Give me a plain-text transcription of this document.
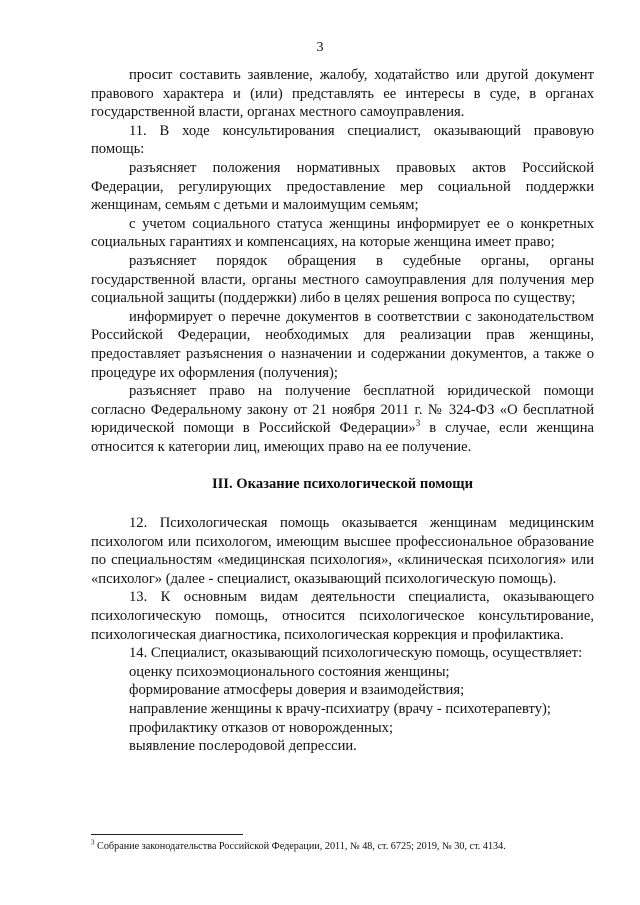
3

просит составить заявление, жалобу, ходатайство или другой документ правового характера и (или) представлять ее интересы в суде, в органах государственной власти, органах местного самоуправления.

11. В ходе консультирования специалист, оказывающий правовую помощь:

разъясняет положения нормативных правовых актов Российской Федерации, регулирующих предоставление мер социальной поддержки женщинам, семьям с детьми и малоимущим семьям;

с учетом социального статуса женщины информирует ее о конкретных социальных гарантиях и компенсациях, на которые женщина имеет право;

разъясняет порядок обращения в судебные органы, органы государственной власти, органы местного самоуправления для получения мер социальной защиты (поддержки) либо в целях решения вопроса по существу;

информирует о перечне документов в соответствии с законодательством Российской Федерации, необходимых для реализации прав женщины, предоставляет разъяснения о назначении и содержании документов, а также о процедуре их оформления (получения);

разъясняет право на получение бесплатной юридической помощи согласно Федеральному закону от 21 ноября 2011 г. № 324-ФЗ «О бесплатной юридической помощи в Российской Федерации»$^3$ в случае, если женщина относится к категории лиц, имеющих право на ее получение.

III. Оказание психологической помощи

12. Психологическая помощь оказывается женщинам медицинским психологом или психологом, имеющим высшее профессиональное образование по специальностям «медицинская психология», «клиническая психология» или «психолог» (далее - специалист, оказывающий психологическую помощь).

13. К основным видам деятельности специалиста, оказывающего психологическую помощь, относится психологическое консультирование, психологическая диагностика, психологическая коррекция и профилактика.

14. Специалист, оказывающий психологическую помощь, осуществляет:

оценку психоэмоционального состояния женщины;

формирование атмосферы доверия и взаимодействия;

направление женщины к врачу-психиатру (врачу - психотерапевту);

профилактику отказов от новорожденных;

выявление послеродовой депрессии.

$^3$ Собрание законодательства Российской Федерации, 2011, № 48, ст. 6725; 2019, № 30, ст. 4134.
